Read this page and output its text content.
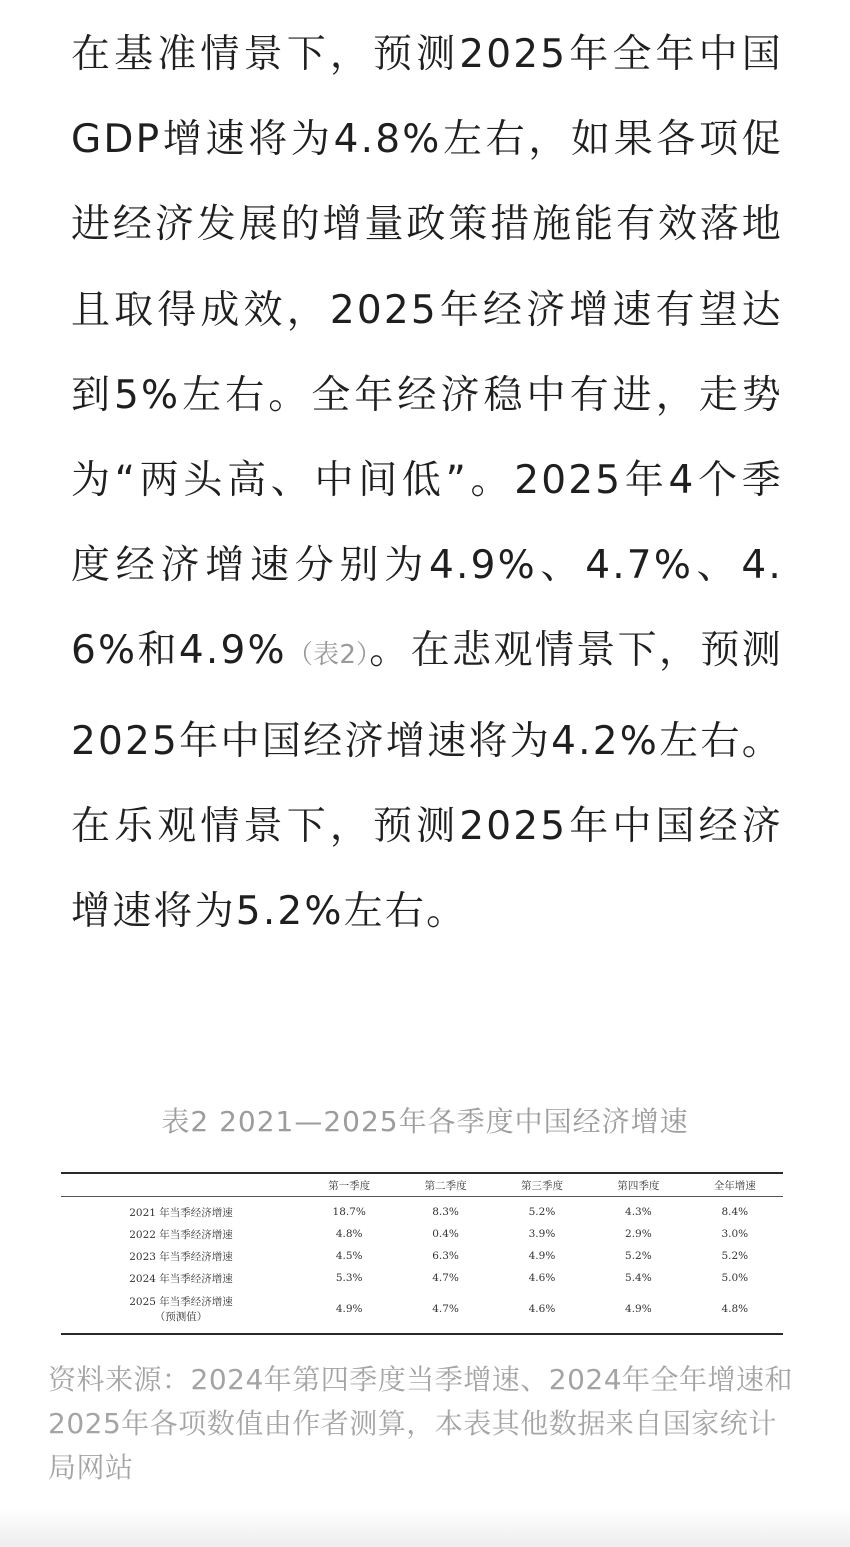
在基准情景下，预测2025年全年中国GDP增速将为4.8%左右，如果各项促进经济发展的增量政策措施能有效落地且取得成效，2025年经济增速有望达到5%左右。全年经济稳中有进，走势为“两头高、中间低”。2025年4个季度经济增速分别为4.9%、4.7%、4.6%和4.9%（表2）。在悲观情景下，预测2025年中国经济增速将为4.2%左右。在乐观情景下，预测2025年中国经济增速将为5.2%左右。

表2 2021—2025年各季度中国经济增速
	第一季度	第二季度	第三季度	第四季度	全年增速
2021 年当季经济增速	18.7%	8.3%	5.2%	4.3%	8.4%
2022 年当季经济增速	4.8%	0.4%	3.9%	2.9%	3.0%
2023 年当季经济增速	4.5%	6.3%	4.9%	5.2%	5.2%
2024 年当季经济增速	5.3%	4.7%	4.6%	5.4%	5.0%
2025 年当季经济增速
（预测值）	4.9%	4.7%	4.6%	4.9%	4.8%
资料来源：2024年第四季度当季增速、2024年全年增速和2025年各项数值由作者测算，本表其他数据来自国家统计局网站
